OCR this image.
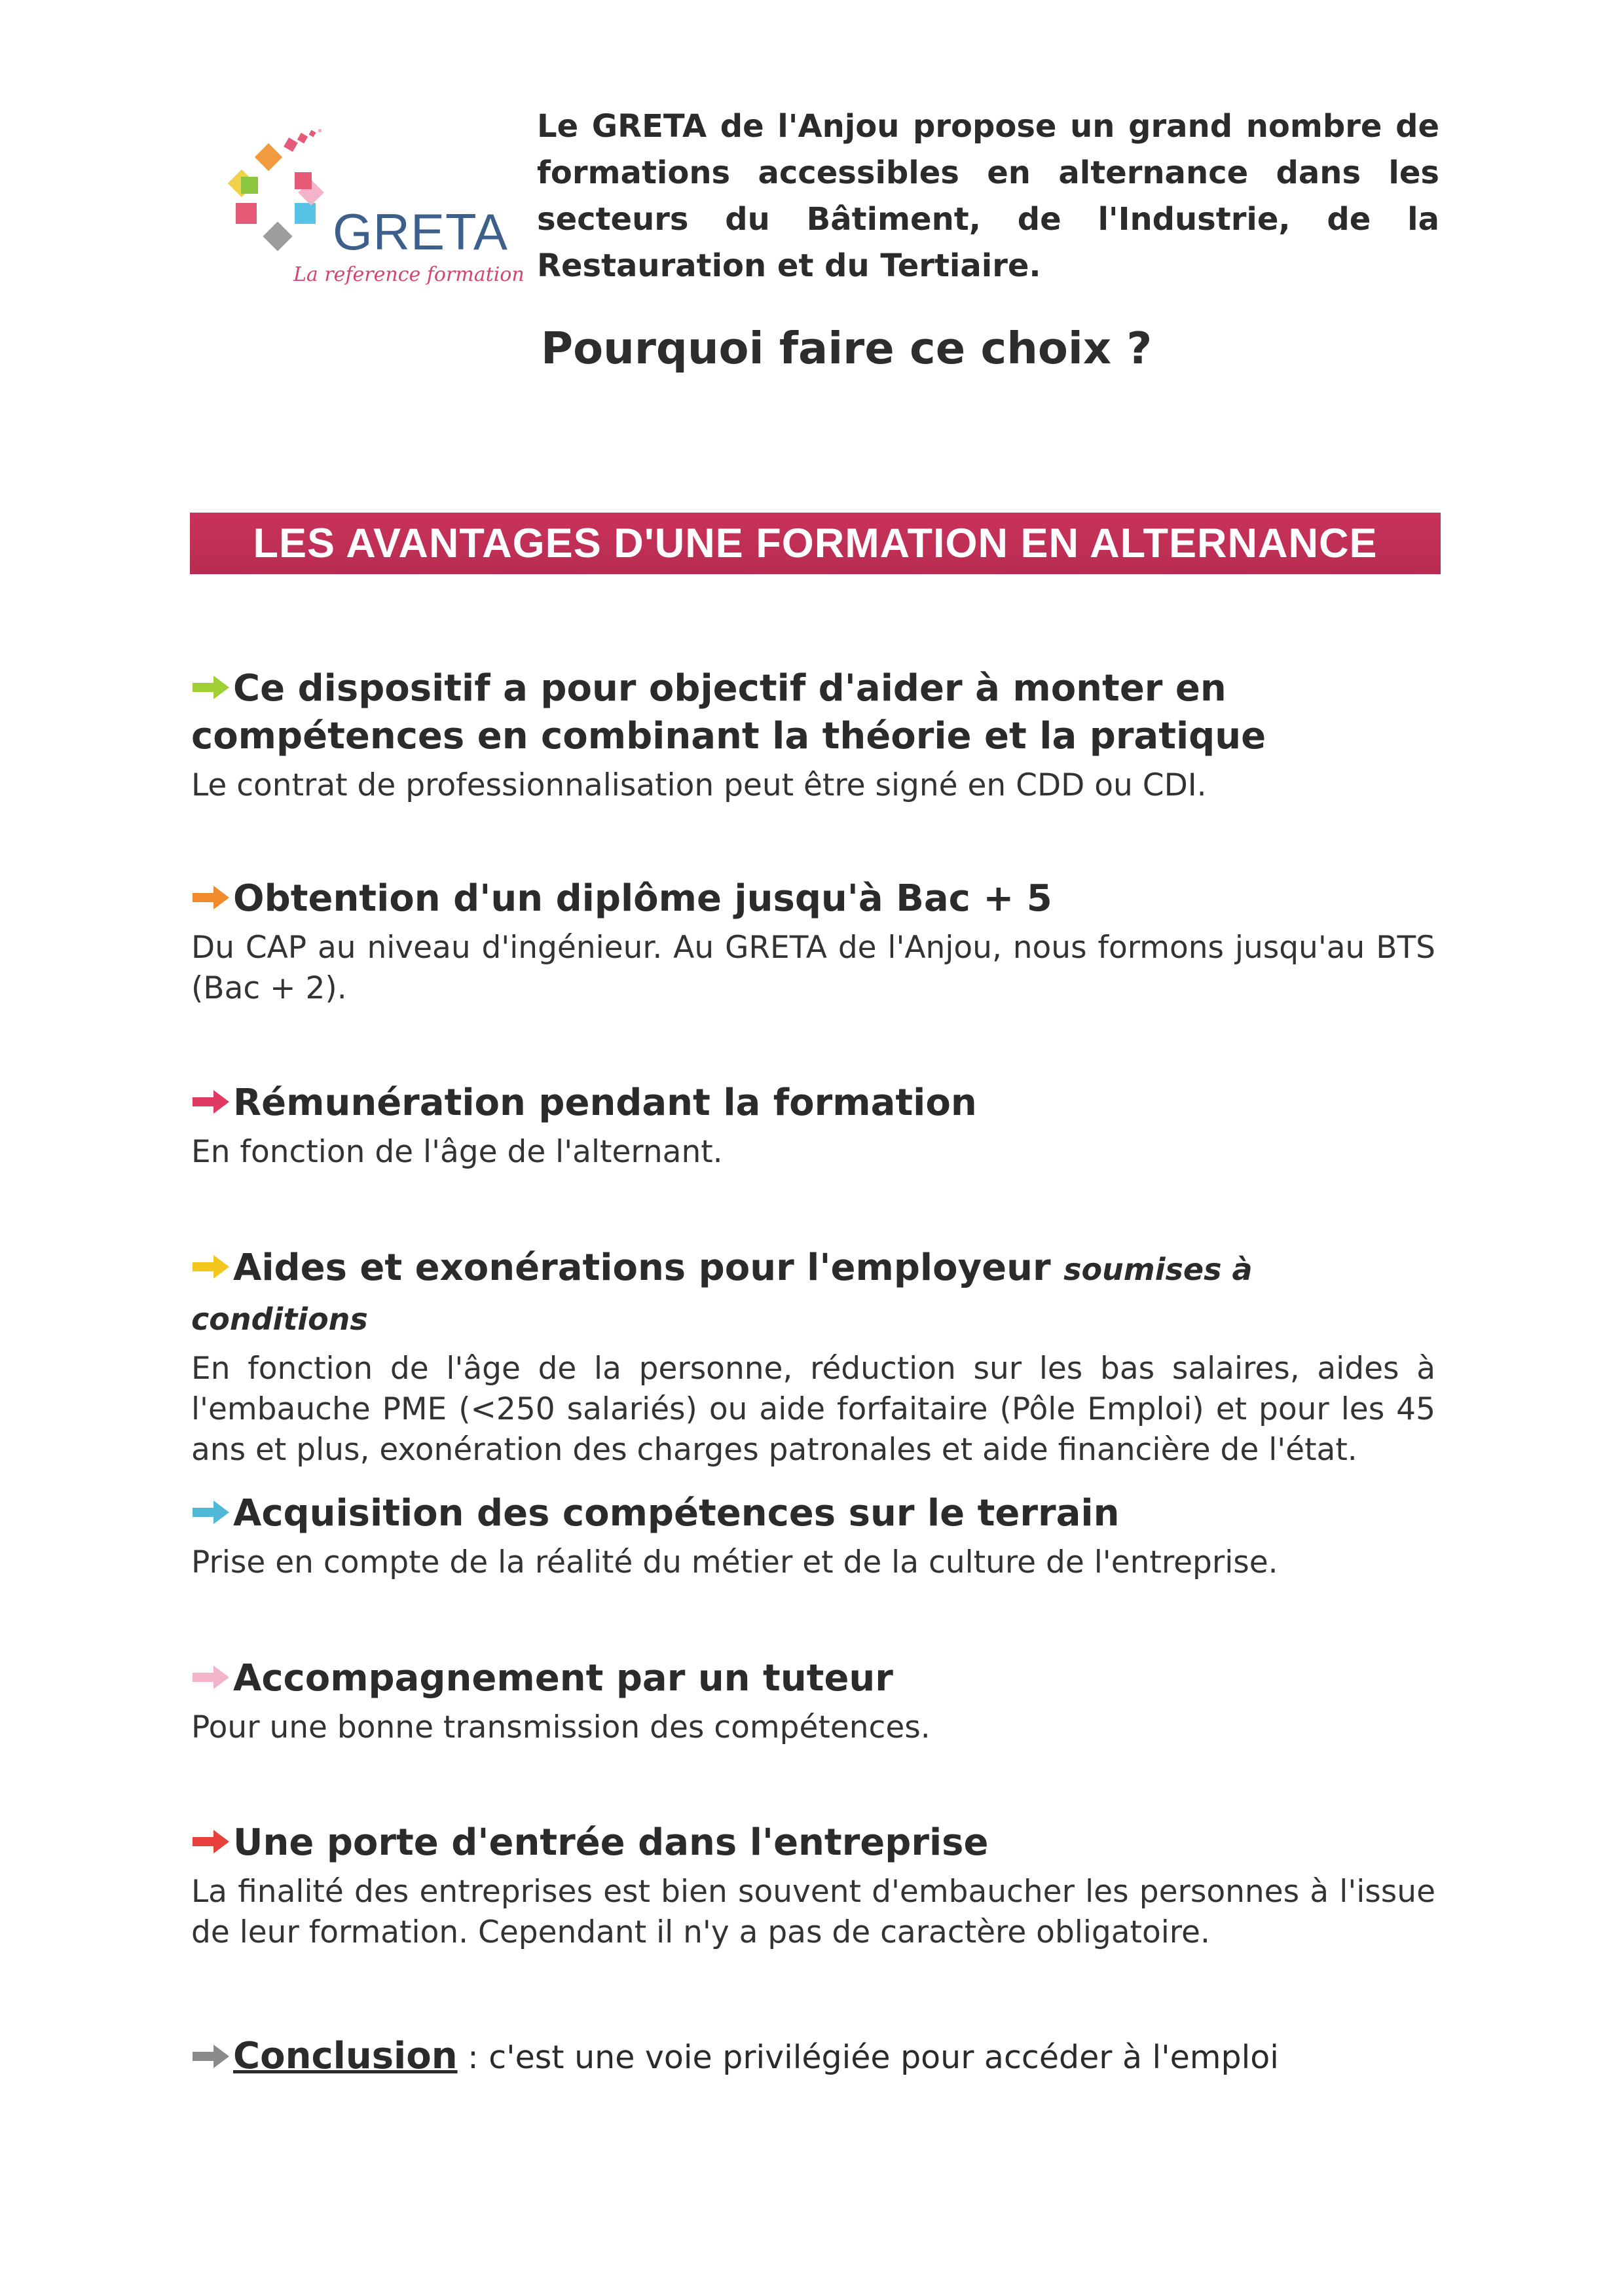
GRETA
La reference formation
Le GRETA de l'Anjou propose un grand nombre de formations accessibles en alternance dans les secteurs du Bâtiment, de l'Industrie, de la Restauration et du Tertiaire.
Pourquoi faire ce choix ?
LES AVANTAGES D'UNE FORMATION EN ALTERNANCE
Ce dispositif a pour objectif d'aider à monter en compétences en combinant la théorie et la pratique
Le contrat de professionnalisation peut être signé en CDD ou CDI.
Obtention d'un diplôme jusqu'à Bac + 5
Du CAP au niveau d'ingénieur. Au GRETA de l'Anjou, nous formons jusqu'au BTS (Bac + 2).
Rémunération pendant la formation
En fonction de l'âge de l'alternant.
Aides et exonérations pour l'employeur soumises à conditions
En fonction de l'âge de la personne, réduction sur les bas salaires, aides à l'embauche PME (<250 salariés) ou aide forfaitaire (Pôle Emploi) et pour les 45 ans et plus, exonération des charges patronales et aide financière de l'état.
Acquisition des compétences sur le terrain
Prise en compte de la réalité du métier et de la culture de l'entreprise.
Accompagnement par un tuteur
Pour une bonne transmission des compétences.
Une porte d'entrée dans l'entreprise
La finalité des entreprises est bien souvent d'embaucher les personnes à l'issue de leur formation. Cependant il n'y a pas de caractère obligatoire.
Conclusion : c'est une voie privilégiée pour accéder à l'emploi
